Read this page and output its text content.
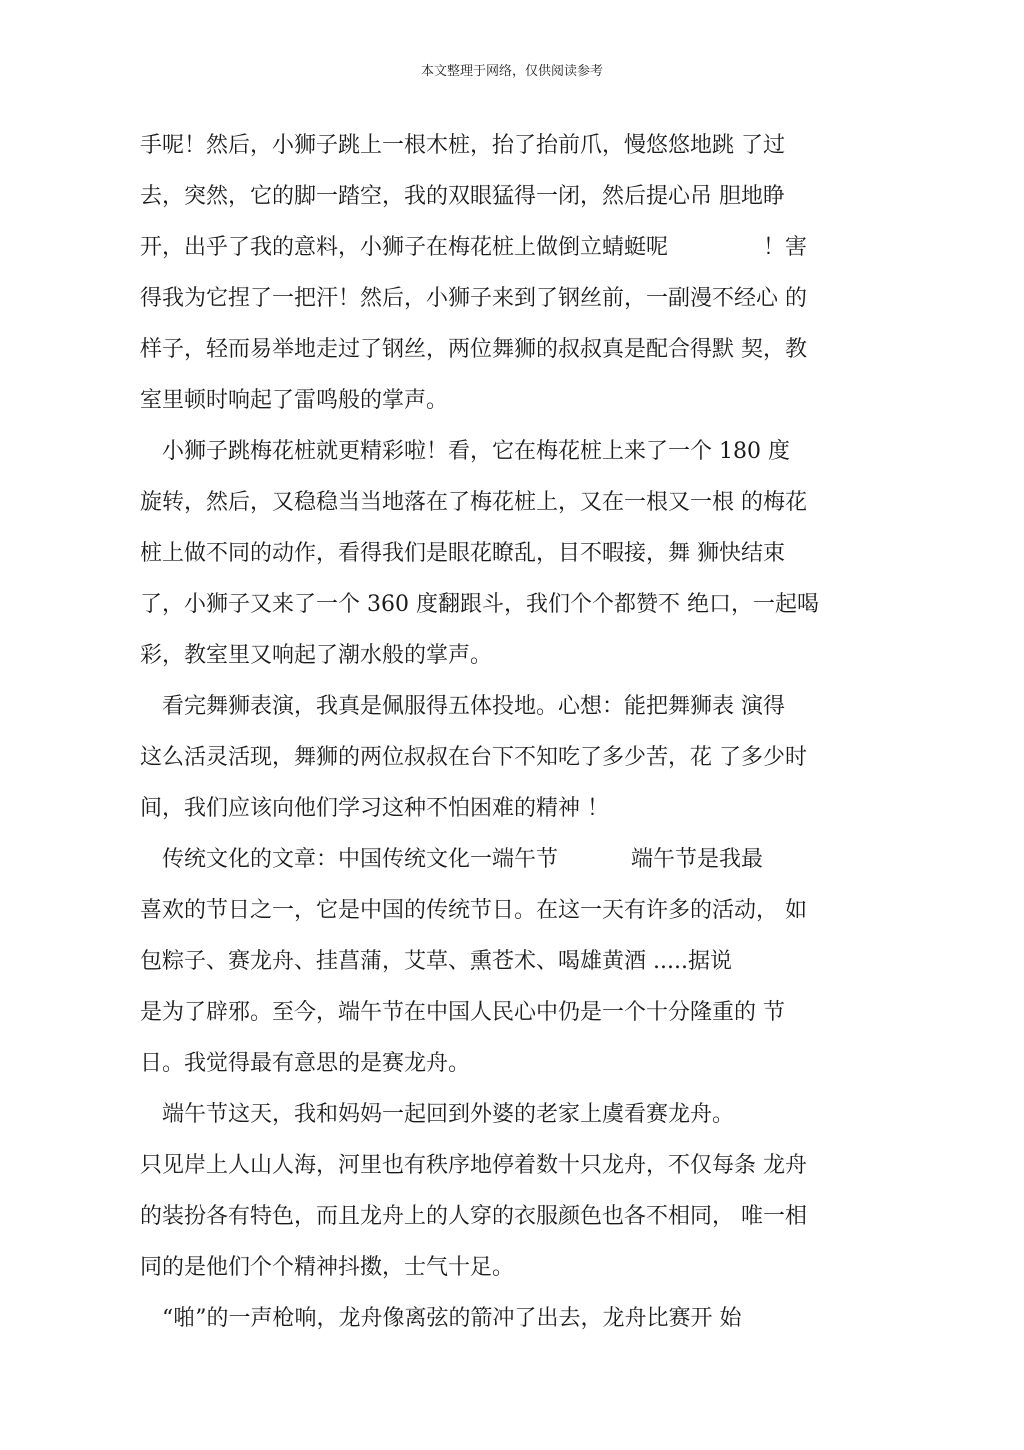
本文整理于网络，仅供阅读参考
手呢！然后，小狮子跳上一根木桩，抬了抬前爪，慢悠悠地跳 了过
去，突然，它的脚一踏空，我的双眼猛得一闭，然后提心吊 胆地睁
开，出乎了我的意料，小狮子在梅花桩上做倒立蜻蜓呢 　　　　！害
得我为它捏了一把汗！然后，小狮子来到了钢丝前，一副漫不经心 的
样子，轻而易举地走过了钢丝，两位舞狮的叔叔真是配合得默 契，教
室里顿时响起了雷鸣般的掌声。
　小狮子跳梅花桩就更精彩啦！看，它在梅花桩上来了一个 180 度
旋转，然后，又稳稳当当地落在了梅花桩上，又在一根又一根 的梅花
桩上做不同的动作，看得我们是眼花瞭乱，目不暇接，舞 狮快结束
了，小狮子又来了一个 360 度翻跟斗，我们个个都赞不 绝口，一起喝
彩，教室里又响起了潮水般的掌声。
　看完舞狮表演，我真是佩服得五体投地。心想：能把舞狮表 演得
这么活灵活现，舞狮的两位叔叔在台下不知吃了多少苦，花 了多少时
间，我们应该向他们学习这种不怕困难的精神 ！
　传统文化的文章：中国传统文化一端午节 　　　端午节是我最
喜欢的节日之一，它是中国的传统节日。在这一天有许多的活动， 如
包粽子、赛龙舟、挂菖蒲，艾草、熏苍术、喝雄黄酒 .....据说
是为了辟邪。至今，端午节在中国人民心中仍是一个十分隆重的 节
日。我觉得最有意思的是赛龙舟。
　端午节这天，我和妈妈一起回到外婆的老家上虞看赛龙舟。
只见岸上人山人海，河里也有秩序地停着数十只龙舟，不仅每条 龙舟
的装扮各有特色，而且龙舟上的人穿的衣服颜色也各不相同， 唯一相
同的是他们个个精神抖擞，士气十足。
　“啪”的一声枪响，龙舟像离弦的箭冲了出去，龙舟比赛开 始
